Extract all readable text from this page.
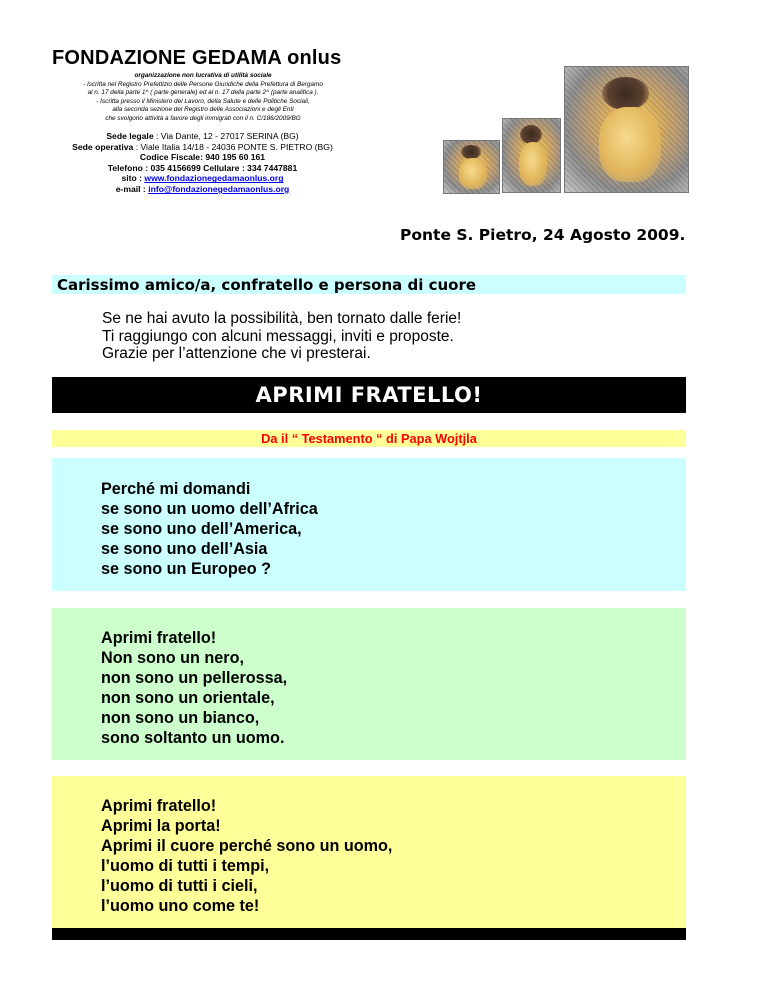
FONDAZIONE GEDAMA onlus
organizzazione non lucrativa di utilità sociale
- Iscritta nel Registro Prefettizio delle Persone Giuridiche della Prefettura di Bergamo
al n. 17 della parte 1^ ( parte generale) ed al n. 17 della parte 2^ (parte analitica ).
- Iscritta presso il Ministero del Lavoro, della Salute e delle Politiche Sociali,
alla seconda sezione del Registro delle Associazioni e degli Enti
che svolgono attività a favore degli immigrati con il n. C/186/2009/BG
Sede legale : Via Dante, 12 - 27017 SERINA (BG)
Sede operativa : Viale Italia 14/18 - 24036 PONTE S. PIETRO (BG)
Codice Fiscale: 940 195 60 161
Telefono : 035 4156699 Cellulare : 334 7447881
sito : www.fondazionegedamaonlus.org
e-mail : info@fondazionegedamaonlus.org
Ponte S. Pietro, 24 Agosto 2009.
Carissimo amico/a, confratello e persona di cuore
Se ne hai avuto la possibilità, ben tornato dalle ferie!
Ti raggiungo con alcuni messaggi, inviti e proposte.
Grazie per l’attenzione che vi presterai.
APRIMI FRATELLO!
Da il “ Testamento “ di Papa Wojtjla
Perché mi domandi
se sono un uomo dell’Africa
se sono uno dell’America,
se sono uno dell’Asia
se sono un Europeo ?
Aprimi fratello!
Non sono un nero,
non sono un pellerossa,
non sono un orientale,
non sono un bianco,
sono soltanto un uomo.
Aprimi fratello!
Aprimi la porta!
Aprimi il cuore perché sono un uomo,
l’uomo di tutti i tempi,
l’uomo di tutti i cieli,
l’uomo uno come te!
